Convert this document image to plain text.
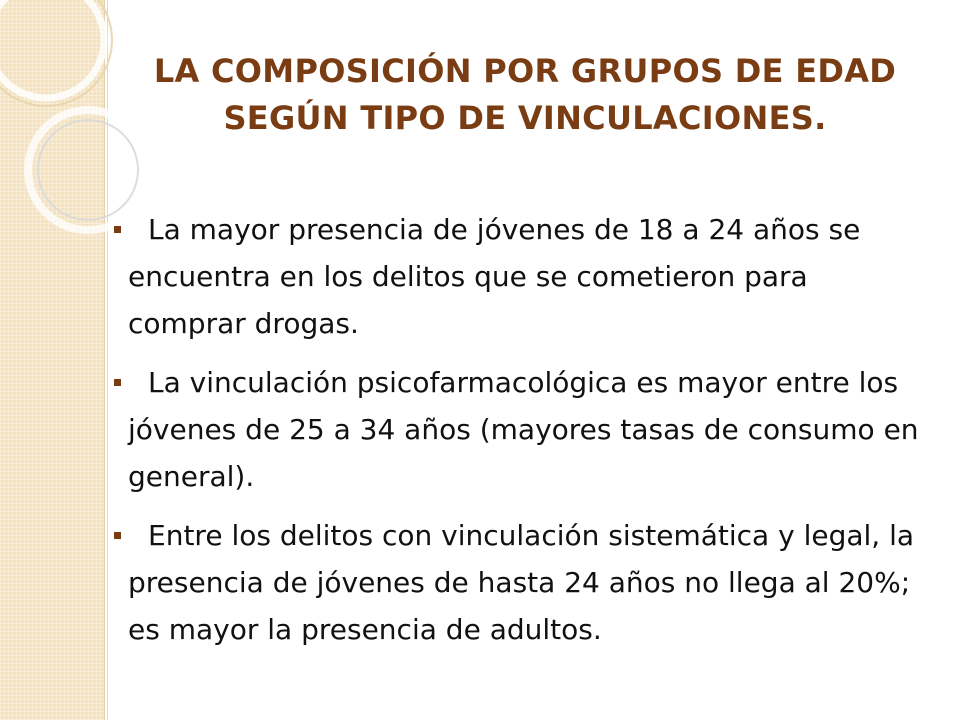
LA COMPOSICIÓN POR GRUPOS DE EDAD SEGÚN TIPO DE VINCULACIONES.
La mayor presencia de jóvenes de 18 a 24 años se encuentra en los delitos que se cometieron para comprar drogas.
La vinculación psicofarmacológica es mayor entre los jóvenes de 25 a 34 años (mayores tasas de consumo en general).
Entre los delitos con vinculación sistemática y legal, la presencia de jóvenes de hasta 24 años no llega al 20%; es mayor la presencia de adultos.
